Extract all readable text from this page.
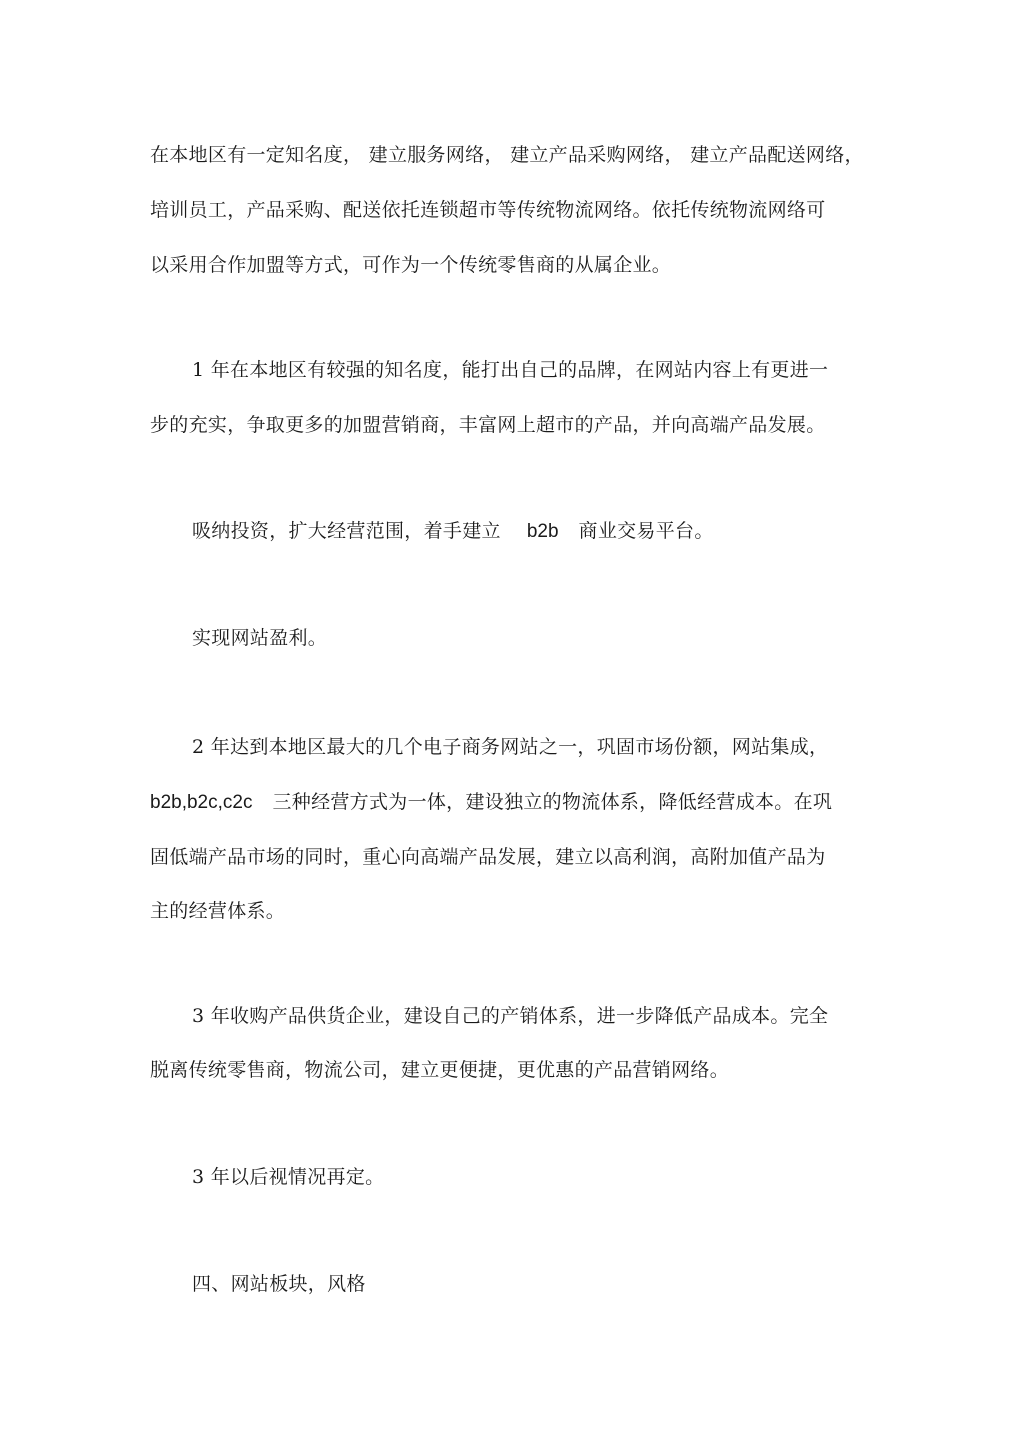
在本地区有一定知名度， 建立服务网络， 建立产品采购网络， 建立产品配送网络，
培训员工，产品采购、配送依托连锁超市等传统物流网络。依托传统物流网络可
以采用合作加盟等方式，可作为一个传统零售商的从属企业。
1 年在本地区有较强的知名度，能打出自己的品牌，在网站内容上有更进一
步的充实，争取更多的加盟营销商，丰富网上超市的产品，并向高端产品发展。
吸纳投资，扩大经营范围，着手建立 b2b 商业交易平台。
实现网站盈利。
2 年达到本地区最大的几个电子商务网站之一，巩固市场份额，网站集成，
b2b,b2c,c2c 三种经营方式为一体，建设独立的物流体系，降低经营成本。在巩
固低端产品市场的同时，重心向高端产品发展，建立以高利润，高附加值产品为
主的经营体系。
3 年收购产品供货企业，建设自己的产销体系，进一步降低产品成本。完全
脱离传统零售商，物流公司，建立更便捷，更优惠的产品营销网络。
3 年以后视情况再定。
四、网站板块，风格
